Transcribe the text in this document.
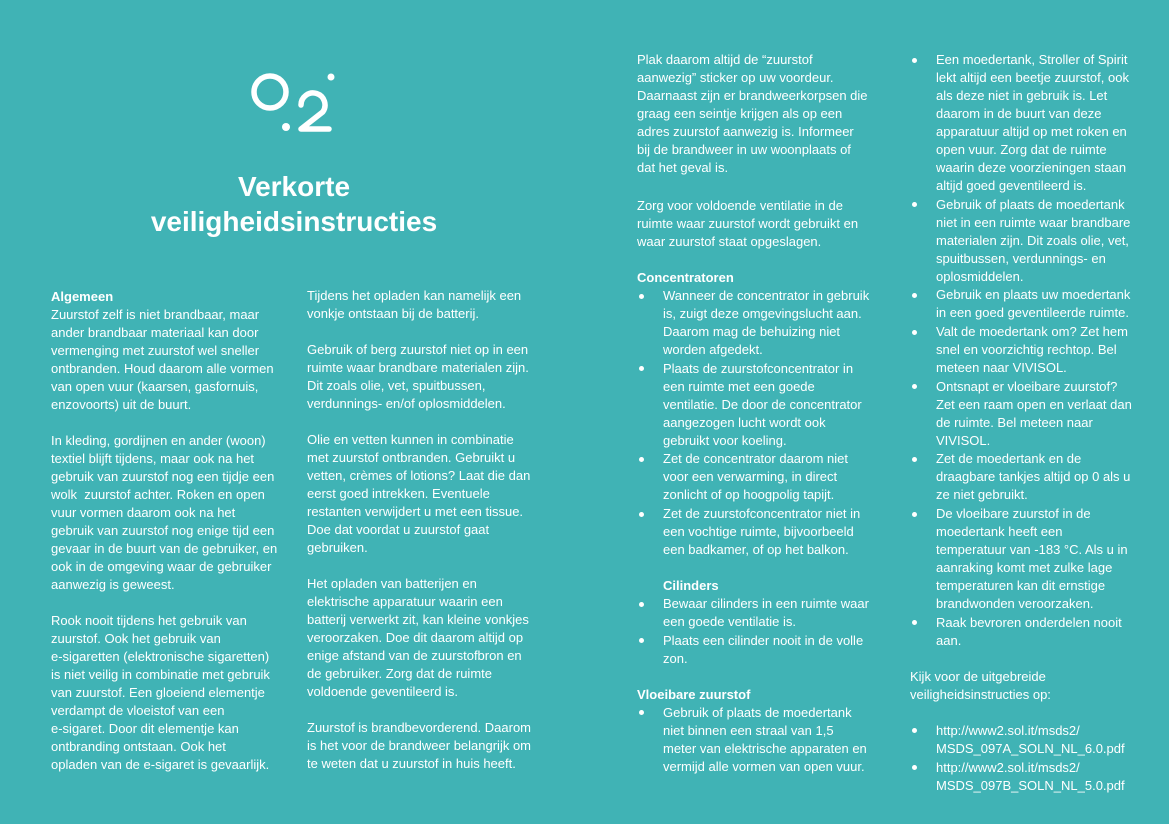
Verkorte
veiligheidsinstructies
Algemeen
Zuurstof zelf is niet brandbaar, maar
ander brandbaar materiaal kan door
vermenging met zuurstof wel sneller
ontbranden. Houd daarom alle vormen
van open vuur (kaarsen, gasfornuis,
enzovoorts) uit de buurt.
In kleding, gordijnen en ander (woon)
textiel blijft tijdens, maar ook na het
gebruik van zuurstof nog een tijdje een
wolk  zuurstof achter. Roken en open
vuur vormen daarom ook na het
gebruik van zuurstof nog enige tijd een
gevaar in de buurt van de gebruiker, en
ook in de omgeving waar de gebruiker
aanwezig is geweest.
Rook nooit tijdens het gebruik van
zuurstof. Ook het gebruik van
e-sigaretten (elektronische sigaretten)
is niet veilig in combinatie met gebruik
van zuurstof. Een gloeiend elementje
verdampt de vloeistof van een
e-sigaret. Door dit elementje kan
ontbranding ontstaan. Ook het
opladen van de e-sigaret is gevaarlijk.
Tijdens het opladen kan namelijk een
vonkje ontstaan bij de batterij.
Gebruik of berg zuurstof niet op in een
ruimte waar brandbare materialen zijn.
Dit zoals olie, vet, spuitbussen,
verdunnings- en/of oplosmiddelen.
Olie en vetten kunnen in combinatie
met zuurstof ontbranden. Gebruikt u
vetten, crèmes of lotions? Laat die dan
eerst goed intrekken. Eventuele
restanten verwijdert u met een tissue.
Doe dat voordat u zuurstof gaat
gebruiken.
Het opladen van batterijen en
elektrische apparatuur waarin een
batterij verwerkt zit, kan kleine vonkjes
veroorzaken. Doe dit daarom altijd op
enige afstand van de zuurstofbron en
de gebruiker. Zorg dat de ruimte
voldoende geventileerd is.
Zuurstof is brandbevorderend. Daarom
is het voor de brandweer belangrijk om
te weten dat u zuurstof in huis heeft.
Plak daarom altijd de “zuurstof
aanwezig” sticker op uw voordeur.
Daarnaast zijn er brandweerkorpsen die
graag een seintje krijgen als op een
adres zuurstof aanwezig is. Informeer
bij de brandweer in uw woonplaats of
dat het geval is.
Zorg voor voldoende ventilatie in de
ruimte waar zuurstof wordt gebruikt en
waar zuurstof staat opgeslagen.
Concentratoren
Wanneer de concentrator in gebruik
is, zuigt deze omgevingslucht aan.
Daarom mag de behuizing niet
worden afgedekt.
Plaats de zuurstofconcentrator in
een ruimte met een goede
ventilatie. De door de concentrator
aangezogen lucht wordt ook
gebruikt voor koeling.
Zet de concentrator daarom niet
voor een verwarming, in direct
zonlicht of op hoogpolig tapijt.
Zet de zuurstofconcentrator niet in
een vochtige ruimte, bijvoorbeeld
een badkamer, of op het balkon.
Cilinders
Bewaar cilinders in een ruimte waar
een goede ventilatie is.
Plaats een cilinder nooit in de volle
zon.
Vloeibare zuurstof
Gebruik of plaats de moedertank
niet binnen een straal van 1,5
meter van elektrische apparaten en
vermijd alle vormen van open vuur.
Een moedertank, Stroller of Spirit
lekt altijd een beetje zuurstof, ook
als deze niet in gebruik is. Let
daarom in de buurt van deze
apparatuur altijd op met roken en
open vuur. Zorg dat de ruimte
waarin deze voorzieningen staan
altijd goed geventileerd is.
Gebruik of plaats de moedertank
niet in een ruimte waar brandbare
materialen zijn. Dit zoals olie, vet,
spuitbussen, verdunnings- en
oplosmiddelen.
Gebruik en plaats uw moedertank
in een goed geventileerde ruimte.
Valt de moedertank om? Zet hem
snel en voorzichtig rechtop. Bel
meteen naar VIVISOL.
Ontsnapt er vloeibare zuurstof?
Zet een raam open en verlaat dan
de ruimte. Bel meteen naar
VIVISOL.
Zet de moedertank en de
draagbare tankjes altijd op 0 als u
ze niet gebruikt.
De vloeibare zuurstof in de
moedertank heeft een
temperatuur van -183 °C. Als u in
aanraking komt met zulke lage
temperaturen kan dit ernstige
brandwonden veroorzaken.
Raak bevroren onderdelen nooit
aan.
Kijk voor de uitgebreide
veiligheidsinstructies op:
http://www2.sol.it/msds2/
MSDS_097A_SOLN_NL_6.0.pdf
http://www2.sol.it/msds2/
MSDS_097B_SOLN_NL_5.0.pdf
